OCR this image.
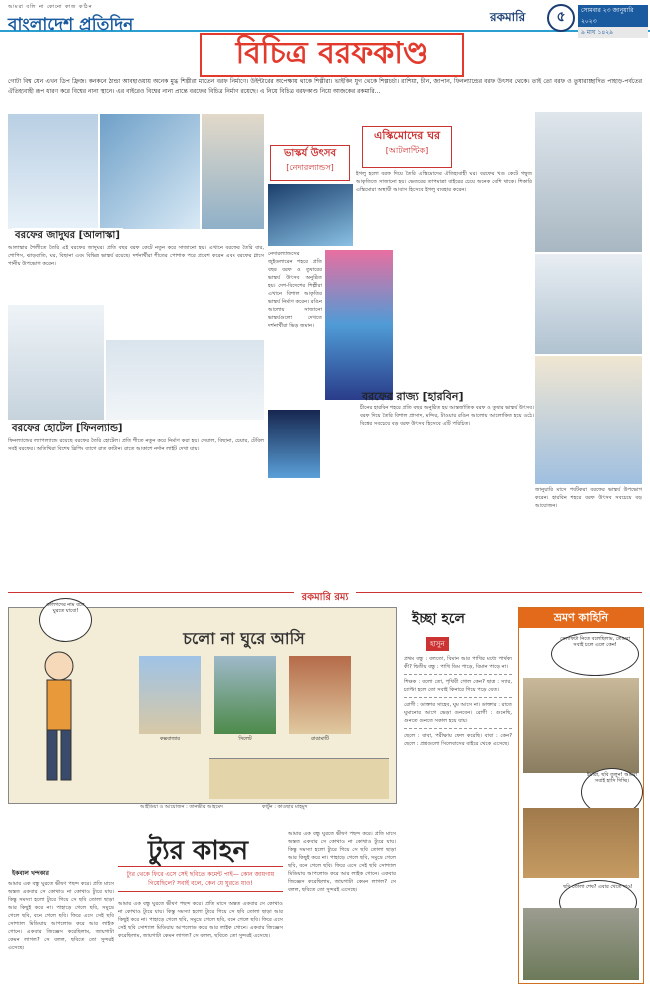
আমরা বলি না কোনো কাজ কঠিন
বাংলাদেশ প্রতিদিন	রকমারি	৫	সোমবার ২৩ জানুয়ারি ২০২৩
৯ মাঘ ১৪২৯
বিচিত্র বরফকাণ্ড
গোটা বিশ্ব যেন এখন ডিপ ফ্রিজ। কনকনে ঠান্ডা আবহাওয়ায় অনেক মুগ্ধ শিল্পীরা মাতেন বরফ নির্মাণে। উইন্টারের অপেক্ষায় থাকে শিল্পীরা। ভাইকিং যুগ থেকে শিল্পচর্চা। রাশিয়া, চীন, জাপান, ফিনল্যান্ডের বরফ উৎসব থেকে। তাই তো বরফ ও তুষারাচ্ছাদিত পাহাড়-পর্বতের ঐতিহ্যবাহী রূপ ধারণ করে বিশ্বের নানা স্থানে। এর বাইরেও বিশ্বের নানা প্রান্তে বরফের বিচিত্র নির্মাণ রয়েছে। এ নিয়ে বিচিত্র বরফকাণ্ড নিয়ে আজকের রকমারি...
বরফের জাদুঘর [আলাস্কা]
আলাস্কার শৈলীতে তৈরি এই বরফের জাদুঘর। প্রতি বছর বরফ কেটে নতুন করে সাজানো হয়। এখানে বরফের তৈরি বার, শোপিস, ঝাড়বাতি, ঘর, বিছানা এবং বিভিন্ন ভাস্কর্য রয়েছে। দর্শনার্থীরা শীতের পোশাক পরে প্রবেশ করেন এবং বরফের গ্লাসে পানীয় উপভোগ করেন।
ভাস্কর্য উৎসব
[নেদারল্যান্ডস]
নেদারল্যান্ডসের জুইডলারেন শহরে প্রতি বছর বরফ ও তুষারের ভাস্কর্য উৎসব অনুষ্ঠিত হয়। দেশ-বিদেশের শিল্পীরা এখানে বিশাল আকৃতির ভাস্কর্য নির্মাণ করেন। রঙিন আলোয় সাজানো ভাস্কর্যগুলো দেখতে দর্শনার্থীরা ভিড় জমান।
এস্কিমোদের ঘর
[আটলান্টিক]
ইগলু হলো বরফ দিয়ে তৈরি এস্কিমোদের ঐতিহ্যবাহী ঘর। বরফের খণ্ড কেটে গম্বুজ আকৃতিতে সাজানো হয়। ভেতরের তাপমাত্রা বাইরের চেয়ে অনেক বেশি থাকে। শিকারি এস্কিমোরা অস্থায়ী আবাস হিসেবে ইগলু ব্যবহার করেন।
বরফের রাজ্য [হারবিন]
চীনের হারবিন শহরে প্রতি বছর অনুষ্ঠিত হয় আন্তর্জাতিক বরফ ও তুষার ভাস্কর্য উৎসব। বরফ দিয়ে তৈরি বিশাল প্রাসাদ, মন্দির, টাওয়ার রঙিন আলোয় আলোকিত হয়ে ওঠে। বিশ্বের সবচেয়ে বড় বরফ উৎসব হিসেবে এটি পরিচিত।
জানুয়ারি মাসে পর্যটকরা বরফের ভাস্কর্য উপভোগ করেন। হারবিন শহরে বরফ উৎসব সবচেয়ে বড় আয়োজন।
বরফের হোটেল [ফিনল্যান্ড]
ফিনল্যান্ডের ল্যাপল্যান্ডে রয়েছে বরফের তৈরি হোটেল। প্রতি শীতে নতুন করে নির্মাণ করা হয়। দেয়াল, বিছানা, চেয়ার, টেবিল সবই বরফের। অতিথিরা বিশেষ স্লিপিং ব্যাগে রাত কাটান। রাতে আকাশে নর্দান লাইট দেখা যায়।
$^{রকমারি রম্য}$
কলিগদের নাম বলে ঘুরতে যাবো!
চলো না ঘুরে আসি
কক্সবাজার	সিলেট	রাঙামাটি
আইডিয়া ও আয়োজন : তানভীর আহমেদ	কার্টুন : কাওছার মাহমুদ
ট্যুর কাহন
ইকবাল খন্দকার
আমার এক বন্ধু ঘুরতে ভীষণ পছন্দ করে। প্রতি মাসে অন্তত একবার সে কোথাও না কোথাও ট্যুরে যায়। কিন্তু সমস্যা হলো ট্যুরে গিয়ে সে ছবি তোলা ছাড়া আর কিছুই করে না। পাহাড়ে গেলে ছবি, সমুদ্রে গেলে ছবি, বনে গেলে ছবি। ফিরে এসে সেই ছবি সোশ্যাল মিডিয়ায় আপলোড করে আর লাইক গোনে। একবার জিজ্ঞেস করেছিলাম, জায়গাটা কেমন লাগল? সে বলল, ছবিতে তো সুন্দরই এসেছে।
ট্যুর থেকে ফিরে এসে সেই ছবিতে কমেন্ট পাই— কোন জায়গায় গিয়েছিলে? সবাই বলে, কেন যে ঘুরতে যাও!
আমার এক বন্ধু ঘুরতে ভীষণ পছন্দ করে। প্রতি মাসে অন্তত একবার সে কোথাও না কোথাও ট্যুরে যায়। কিন্তু সমস্যা হলো ট্যুরে গিয়ে সে ছবি তোলা ছাড়া আর কিছুই করে না। পাহাড়ে গেলে ছবি, সমুদ্রে গেলে ছবি, বনে গেলে ছবি। ফিরে এসে সেই ছবি সোশ্যাল মিডিয়ায় আপলোড করে আর লাইক গোনে। একবার জিজ্ঞেস করেছিলাম, জায়গাটা কেমন লাগল? সে বলল, ছবিতে তো সুন্দরই এসেছে।
আমার এক বন্ধু ঘুরতে ভীষণ পছন্দ করে। প্রতি মাসে অন্তত একবার সে কোথাও না কোথাও ট্যুরে যায়। কিন্তু সমস্যা হলো ট্যুরে গিয়ে সে ছবি তোলা ছাড়া আর কিছুই করে না। পাহাড়ে গেলে ছবি, সমুদ্রে গেলে ছবি, বনে গেলে ছবি। ফিরে এসে সেই ছবি সোশ্যাল মিডিয়ায় আপলোড করে আর লাইক গোনে। একবার জিজ্ঞেস করেছিলাম, জায়গাটা কেমন লাগল? সে বলল, ছবিতে তো সুন্দরই এসেছে।
ইচ্ছা হলে
হাসুন
প্রথম বন্ধু : বলতো, বিমান আর পাখির মধ্যে পার্থক্য কী? দ্বিতীয় বন্ধু : পাখি ডিম পাড়ে, বিমান পাড়ে না।
শিক্ষক : বলো তো, পৃথিবী গোল কেন? ছাত্র : স্যার, চ্যাপ্টা হলে তো সবাই কিনারে গিয়ে পড়ে যেত।
রোগী : ডাক্তার সাহেব, ঘুম আসে না। ডাক্তার : রাতে ঘুমানোর আগে ভেড়া গুনবেন। রোগী : গুনেছি, গুনতে গুনতে সকাল হয়ে যায়।
ছেলে : বাবা, পরীক্ষায় ফেল করেছি। বাবা : কেন? ছেলে : প্রশ্নগুলো সিলেবাসের বাইরে থেকে এসেছে।
ভ্রমণ কাহিনি
সেলফিটা নিতে বলেছিলাম, তোমরা সবাই চলে এলে কেন!
ইয়ারা, ছবি তুলুন! আমরা সবাই হাসি দিচ্ছি।
ছবি তোলা শেষ? এবার খেতে দাও!
